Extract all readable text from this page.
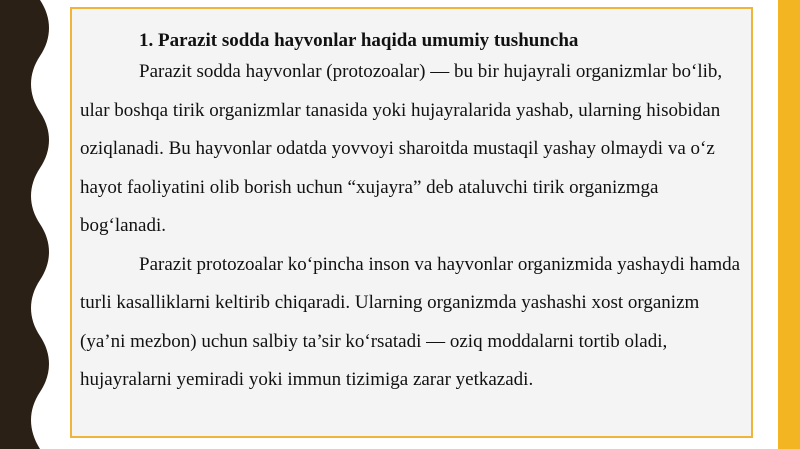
1. Parazit sodda hayvonlar haqida umumiy tushuncha

Parazit sodda hayvonlar (protozoalar) — bu bir hujayrali organizmlar bo‘lib, ular boshqa tirik organizmlar tanasida yoki hujayralarida yashab, ularning hisobidan oziqlanadi. Bu hayvonlar odatda yovvoyi sharoitda mustaqil yashay olmaydi va o‘z hayot faoliyatini olib borish uchun “xujayra” deb ataluvchi tirik organizmga bog‘lanadi.

Parazit protozoalar ko‘pincha inson va hayvonlar organizmida yashaydi hamda turli kasalliklarni keltirib chiqaradi. Ularning organizmda yashashi xost organizm (ya’ni mezbon) uchun salbiy ta’sir ko‘rsatadi — oziq moddalarni tortib oladi, hujayralarni yemiradi yoki immun tizimiga zarar yetkazadi.
